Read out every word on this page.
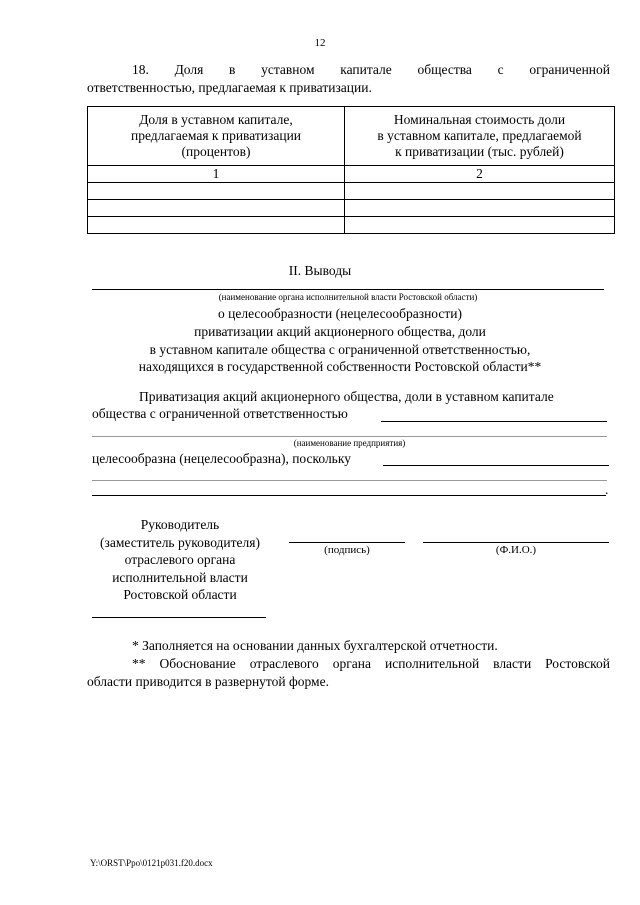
12
18. Доля в уставном капитале общества с ограниченной
ответственностью, предлагаемая к приватизации.
Доля в уставном капитале,
предлагаемая к приватизации
(процентов)	Номинальная стоимость доли
в уставном капитале, предлагаемой
к приватизации (тыс. рублей)
1	2

II. Выводы
(наименование органа исполнительной власти Ростовской области)
о целесообразности (нецелесообразности)
приватизации акций акционерного общества, доли
в уставном капитале общества с ограниченной ответственностью,
находящихся в государственной собственности Ростовской области**
Приватизация акций акционерного общества, доли в уставном капитале
общества с ограниченной ответственностью
(наименование предприятия)
целесообразна (нецелесообразна), поскольку
.
Руководитель
(заместитель руководителя)
отраслевого органа
исполнительной власти
Ростовской области
(подпись)	(Ф.И.О.)
* Заполняется на основании данных бухгалтерской отчетности.
** Обоснование отраслевого органа исполнительной власти Ростовской
области приводится в развернутой форме.
Y:\ORST\Ppo\0121p031.f20.docx
